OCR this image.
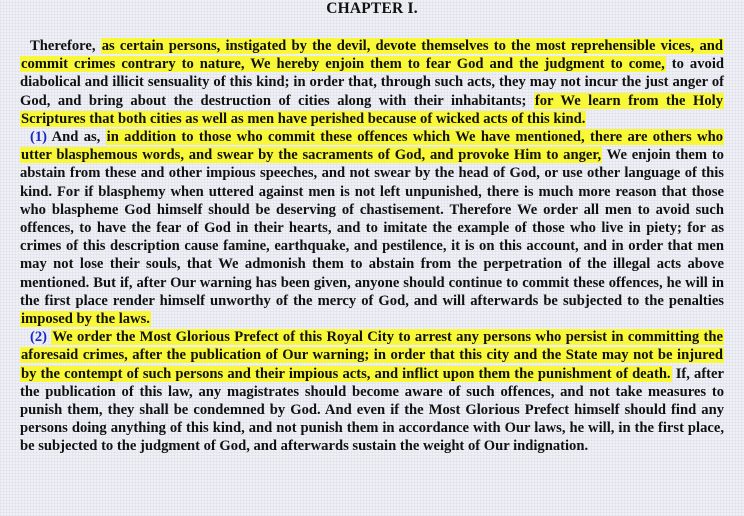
CHAPTER I.

Therefore, as certain persons, instigated by the devil, devote themselves to the most reprehensible vices, and commit crimes contrary to nature, We hereby enjoin them to fear God and the judgment to come, to avoid diabolical and illicit sensuality of this kind; in order that, through such acts, they may not incur the just anger of God, and bring about the destruction of cities along with their inhabitants; for We learn from the Holy Scriptures that both cities as well as men have perished because of wicked acts of this kind.

(1) And as, in addition to those who commit these offences which We have mentioned, there are others who utter blasphemous words, and swear by the sacraments of God, and provoke Him to anger, We enjoin them to abstain from these and other impious speeches, and not swear by the head of God, or use other language of this kind. For if blasphemy when uttered against men is not left unpunished, there is much more reason that those who blaspheme God himself should be deserving of chastisement. Therefore We order all men to avoid such offences, to have the fear of God in their hearts, and to imitate the example of those who live in piety; for as crimes of this description cause famine, earthquake, and pestilence, it is on this account, and in order that men may not lose their souls, that We admonish them to abstain from the perpetration of the illegal acts above mentioned. But if, after Our warning has been given, anyone should continue to commit these offences, he will in the first place render himself unworthy of the mercy of God, and will afterwards be subjected to the penalties imposed by the laws.

(2) We order the Most Glorious Prefect of this Royal City to arrest any persons who persist in committing the aforesaid crimes, after the publication of Our warning; in order that this city and the State may not be injured by the contempt of such persons and their impious acts, and inflict upon them the punishment of death. If, after the publication of this law, any magistrates should become aware of such offences, and not take measures to punish them, they shall be condemned by God. And even if the Most Glorious Prefect himself should find any persons doing anything of this kind, and not punish them in accordance with Our laws, he will, in the first place, be subjected to the judgment of God, and afterwards sustain the weight of Our indignation.
